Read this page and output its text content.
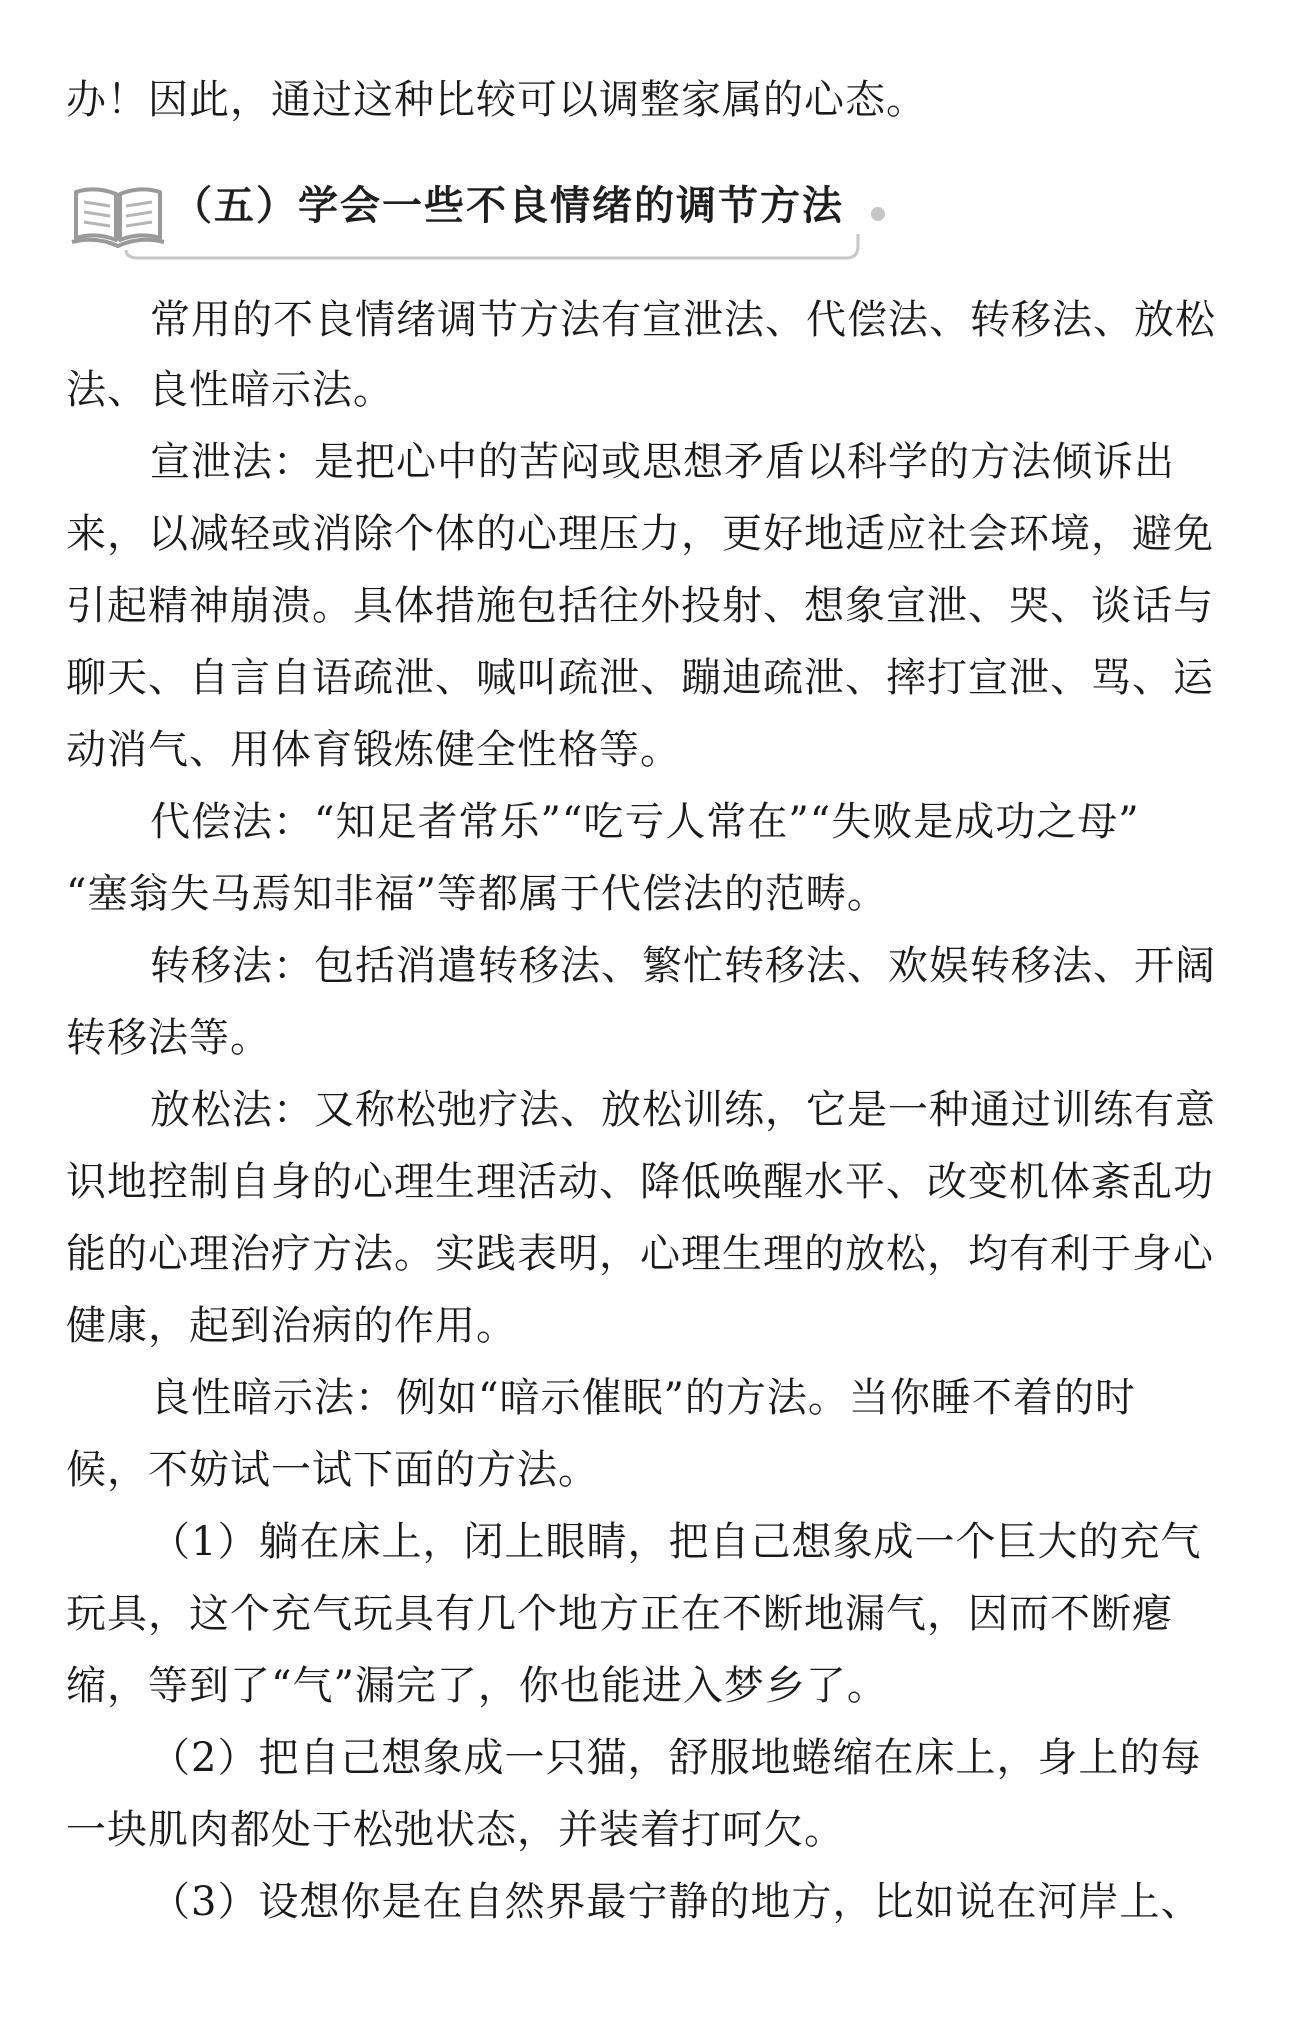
办！因此，通过这种比较可以调整家属的心态。
（五）学会一些不良情绪的调节方法
常用的不良情绪调节方法有宣泄法、代偿法、转移法、放松
法、良性暗示法。
宣泄法：是把心中的苦闷或思想矛盾以科学的方法倾诉出
来，以减轻或消除个体的心理压力，更好地适应社会环境，避免
引起精神崩溃。具体措施包括往外投射、想象宣泄、哭、谈话与
聊天、自言自语疏泄、喊叫疏泄、蹦迪疏泄、摔打宣泄、骂、运
动消气、用体育锻炼健全性格等。
代偿法：“知足者常乐”“吃亏人常在”“失败是成功之母”
“塞翁失马焉知非福”等都属于代偿法的范畴。
转移法：包括消遣转移法、繁忙转移法、欢娱转移法、开阔
转移法等。
放松法：又称松弛疗法、放松训练，它是一种通过训练有意
识地控制自身的心理生理活动、降低唤醒水平、改变机体紊乱功
能的心理治疗方法。实践表明，心理生理的放松，均有利于身心
健康，起到治病的作用。
良性暗示法：例如“暗示催眠”的方法。当你睡不着的时
候，不妨试一试下面的方法。
（1）躺在床上，闭上眼睛，把自己想象成一个巨大的充气
玩具，这个充气玩具有几个地方正在不断地漏气，因而不断瘪
缩，等到了“气”漏完了，你也能进入梦乡了。
（2）把自己想象成一只猫，舒服地蜷缩在床上，身上的每
一块肌肉都处于松弛状态，并装着打呵欠。
（3）设想你是在自然界最宁静的地方，比如说在河岸上、
